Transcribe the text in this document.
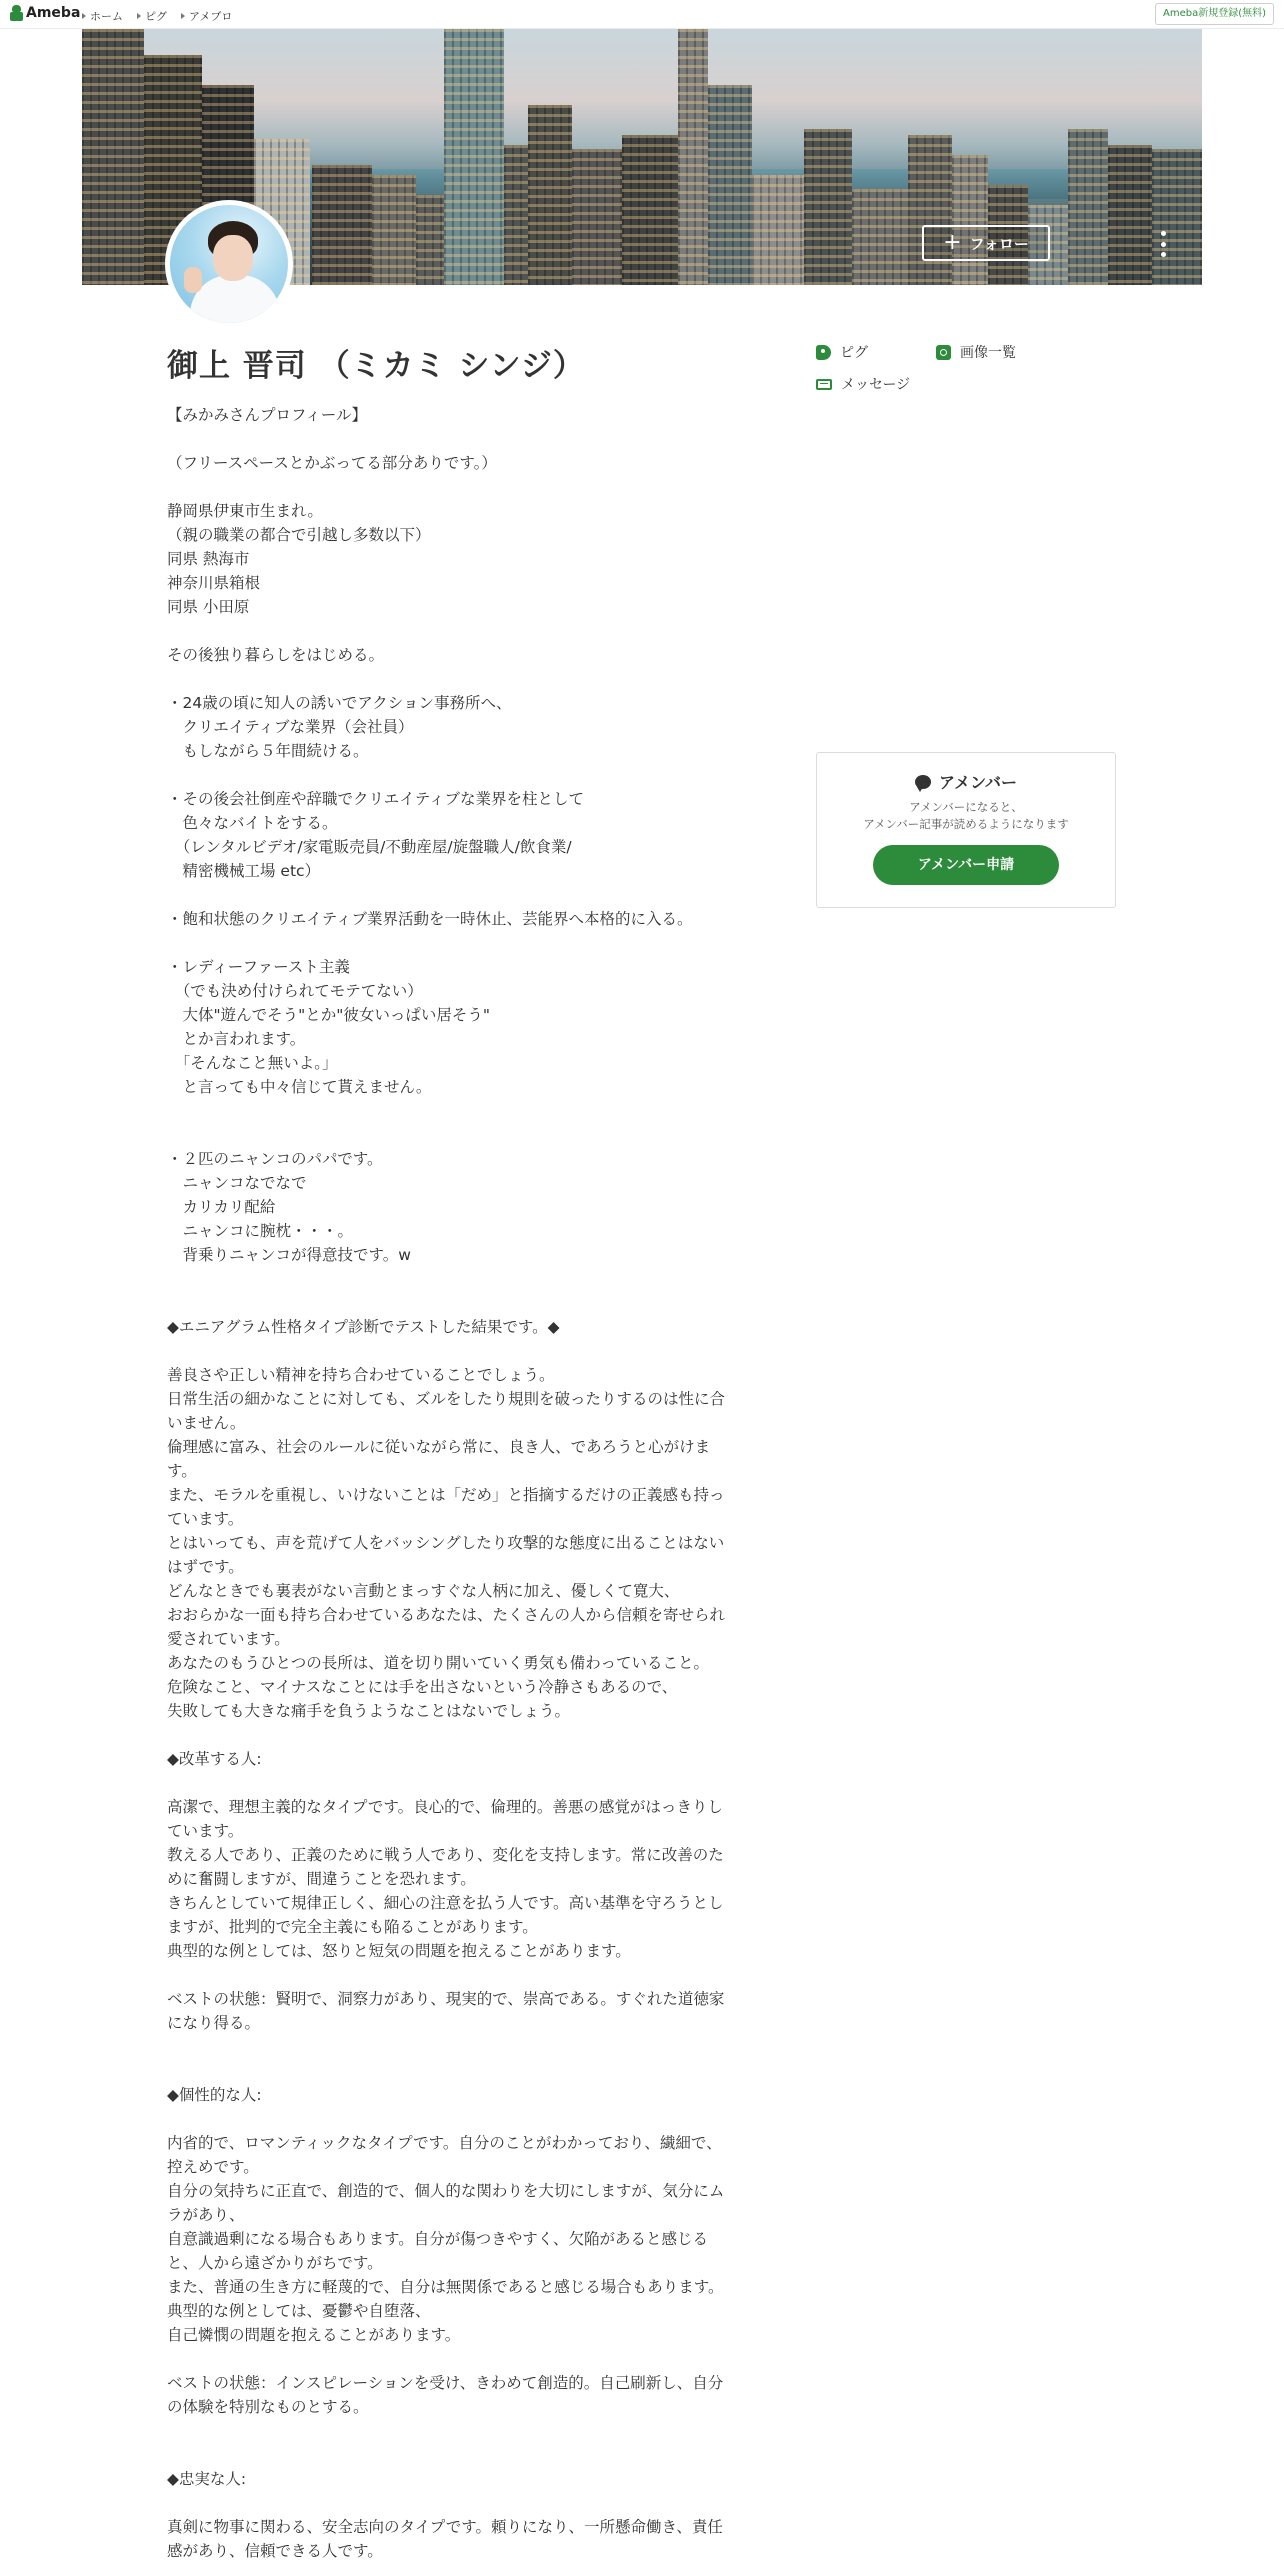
Ameba ホーム ピグ アメブロ	Ameba新規登録(無料)
+ フォロー
御上 晋司 （ミカミ シンジ）

【みかみさんプロフィール】

（フリースペースとかぶってる部分ありです。）

静岡県伊東市生まれ。
（親の職業の都合で引越し多数以下）
同県 熱海市
神奈川県箱根
同県 小田原

その後独り暮らしをはじめる。

・24歳の頃に知人の誘いでアクション事務所へ、
　クリエイティブな業界（会社員）
　もしながら５年間続ける。

・その後会社倒産や辞職でクリエイティブな業界を柱として
　色々なバイトをする。
　（レンタルビデオ/家電販売員/不動産屋/旋盤職人/飲食業/
　精密機械工場 etc）

・飽和状態のクリエイティブ業界活動を一時休止、芸能界へ本格的に入る。

・レディーファースト主義
　（でも決め付けられてモテてない）
　大体"遊んでそう"とか"彼女いっぱい居そう"
　とか言われます。
　「そんなこと無いよ。」
　と言っても中々信じて貰えません。

・２匹のニャンコのパパです。
　ニャンコなでなで
　カリカリ配給
　ニャンコに腕枕・・・。
　背乗りニャンコが得意技です。w

◆エニアグラム性格タイプ診断でテストした結果です。◆

善良さや正しい精神を持ち合わせていることでしょう。
日常生活の細かなことに対しても、ズルをしたり規則を破ったりするのは性に合いません。
倫理感に富み、社会のルールに従いながら常に、良き人、であろうと心がけます。
また、モラルを重視し、いけないことは「だめ」と指摘するだけの正義感も持っています。
とはいっても、声を荒げて人をバッシングしたり攻撃的な態度に出ることはないはずです。
どんなときでも裏表がない言動とまっすぐな人柄に加え、優しくて寛大、
おおらかな一面も持ち合わせているあなたは、たくさんの人から信頼を寄せられ愛されています。
あなたのもうひとつの長所は、道を切り開いていく勇気も備わっていること。
危険なこと、マイナスなことには手を出さないという冷静さもあるので、
失敗しても大きな痛手を負うようなことはないでしょう。

◆改革する人:

高潔で、理想主義的なタイプです。良心的で、倫理的。善悪の感覚がはっきりしています。
教える人であり、正義のために戦う人であり、変化を支持します。常に改善のために奮闘しますが、間違うことを恐れます。
きちんとしていて規律正しく、細心の注意を払う人です。高い基準を守ろうとしますが、批判的で完全主義にも陥ることがあります。
典型的な例としては、怒りと短気の問題を抱えることがあります。

ベストの状態：賢明で、洞察力があり、現実的で、崇高である。すぐれた道徳家になり得る。

◆個性的な人:

内省的で、ロマンティックなタイプです。自分のことがわかっており、繊細で、控えめです。
自分の気持ちに正直で、創造的で、個人的な関わりを大切にしますが、気分にムラがあり、
自意識過剰になる場合もあります。自分が傷つきやすく、欠陥があると感じると、人から遠ざかりがちです。
また、普通の生き方に軽蔑的で、自分は無関係であると感じる場合もあります。典型的な例としては、憂鬱や自堕落、
自己憐憫の問題を抱えることがあります。

ベストの状態：インスピレーションを受け、きわめて創造的。自己刷新し、自分の体験を特別なものとする。

◆忠実な人:

真剣に物事に関わる、安全志向のタイプです。頼りになり、一所懸命働き、責任感があり、信頼できる人です。

ピグ	画像一覧
メッセージ
アメンバー
アメンバーになると、
アメンバー記事が読めるようになります
アメンバー申請
